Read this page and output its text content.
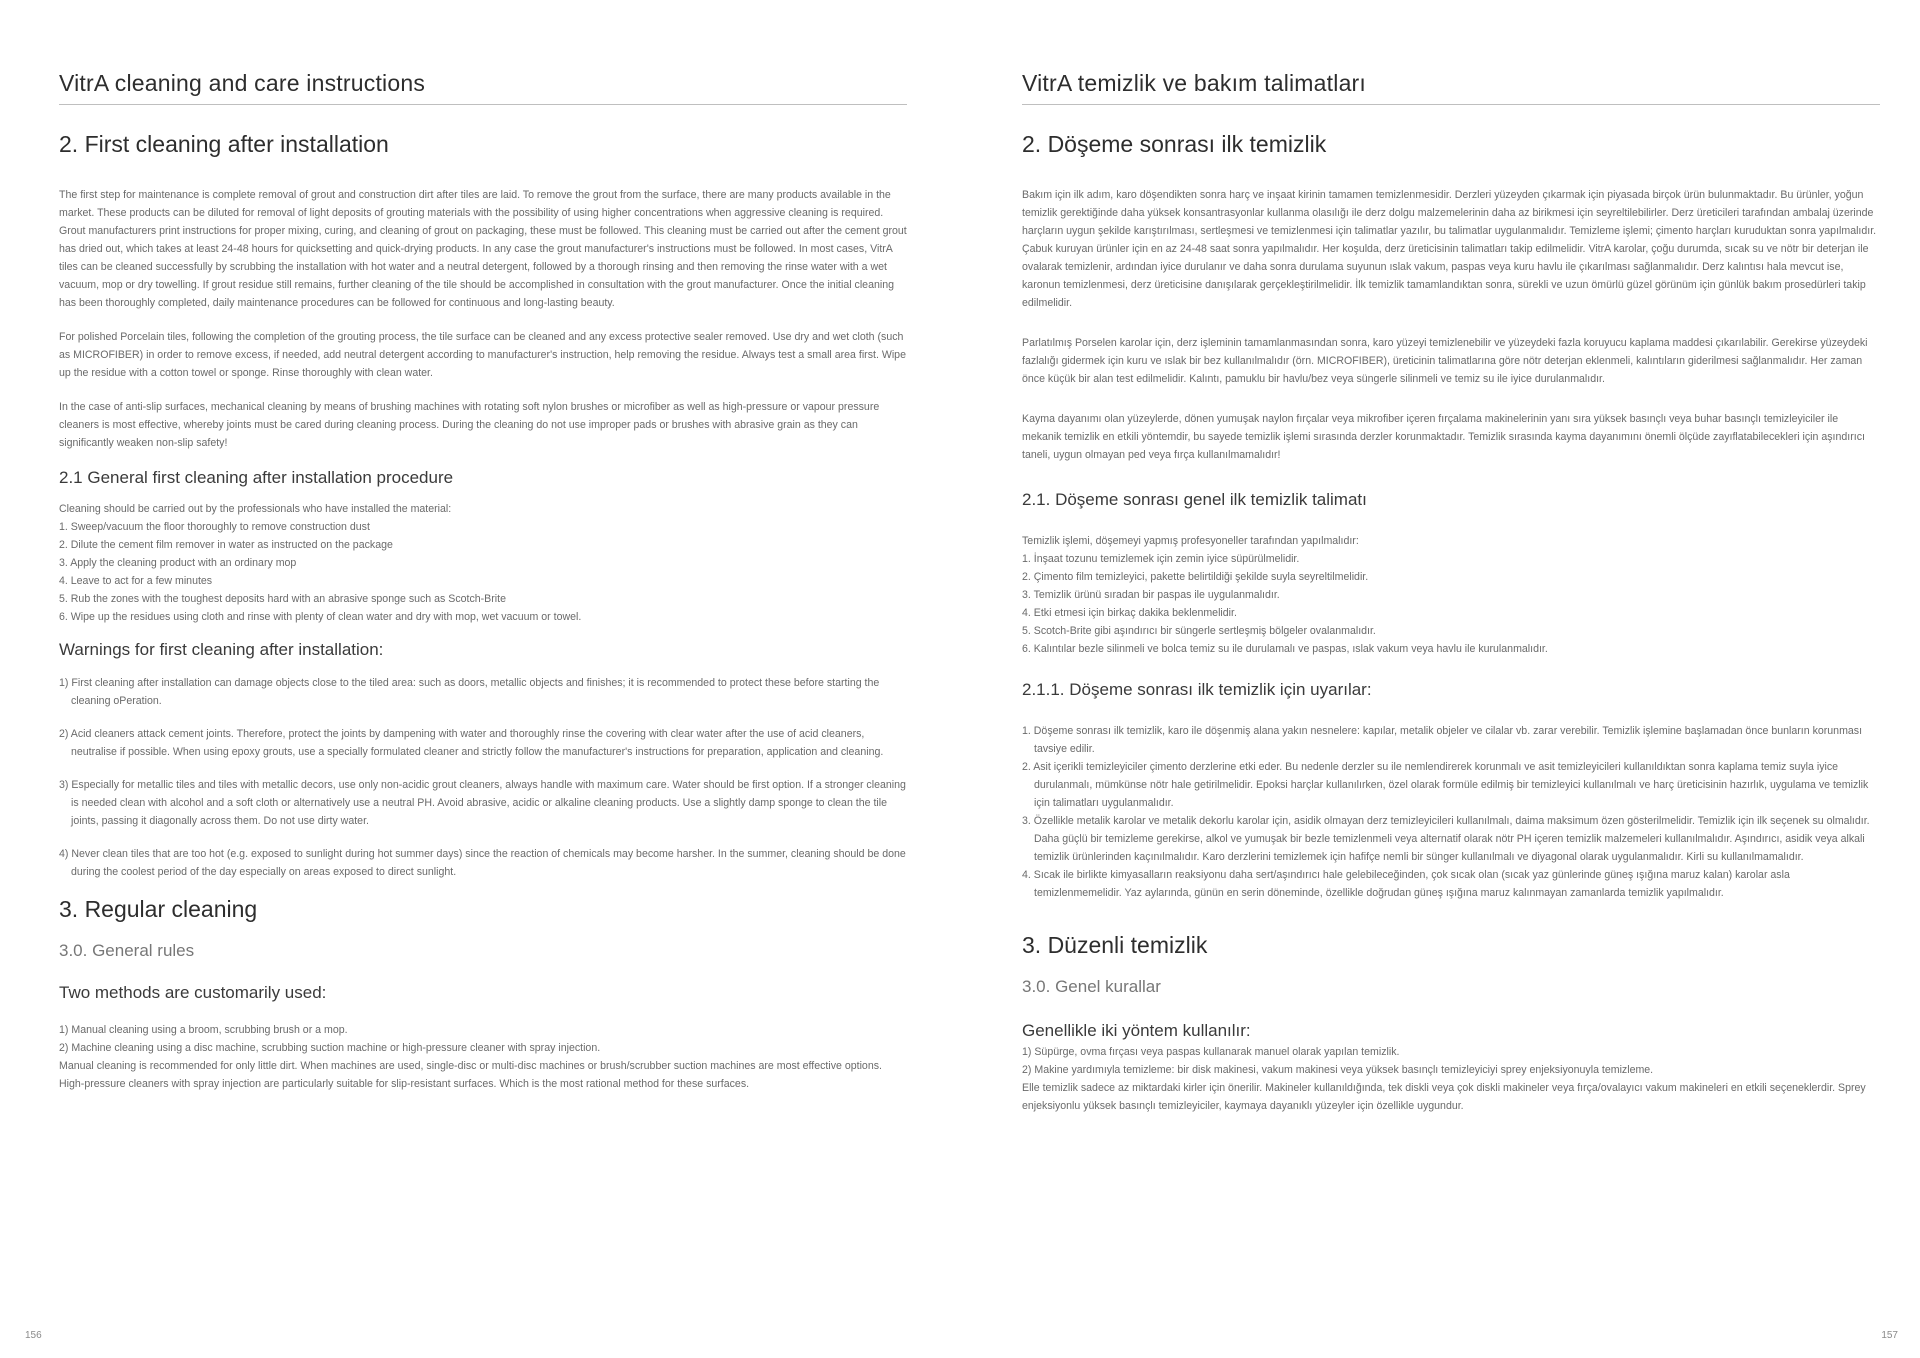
VitrA cleaning and care instructions
2. First cleaning after installation

The first step for maintenance is complete removal of grout and construction dirt after tiles are laid. To remove the grout from the surface, there are many products available in the market. These products can be diluted for removal of light deposits of grouting materials with the possibility of using higher concentrations when aggressive cleaning is required. Grout manufacturers print instructions for proper mixing, curing, and cleaning of grout on packaging, these must be followed. This cleaning must be carried out after the cement grout has dried out, which takes at least 24-48 hours for quicksetting and quick-drying products. In any case the grout manufacturer's instructions must be followed. In most cases, VitrA tiles can be cleaned successfully by scrubbing the installation with hot water and a neutral detergent, followed by a thorough rinsing and then removing the rinse water with a wet vacuum, mop or dry towelling. If grout residue still remains, further cleaning of the tile should be accomplished in consultation with the grout manufacturer. Once the initial cleaning has been thoroughly completed, daily maintenance procedures can be followed for continuous and long-lasting beauty.

For polished Porcelain tiles, following the completion of the grouting process, the tile surface can be cleaned and any excess protective sealer removed. Use dry and wet cloth (such as MICROFIBER) in order to remove excess, if needed, add neutral detergent according to manufacturer's instruction, help removing the residue. Always test a small area first. Wipe up the residue with a cotton towel or sponge. Rinse thoroughly with clean water.

In the case of anti-slip surfaces, mechanical cleaning by means of brushing machines with rotating soft nylon brushes or microfiber as well as high-pressure or vapour pressure cleaners is most effective, whereby joints must be cared during cleaning process. During the cleaning do not use improper pads or brushes with abrasive grain as they can significantly weaken non-slip safety!

2.1 General first cleaning after installation procedure
Cleaning should be carried out by the professionals who have installed the material:
1. Sweep/vacuum the floor thoroughly to remove construction dust
2. Dilute the cement film remover in water as instructed on the package
3. Apply the cleaning product with an ordinary mop
4. Leave to act for a few minutes
5. Rub the zones with the toughest deposits hard with an abrasive sponge such as Scotch-Brite
6. Wipe up the residues using cloth and rinse with plenty of clean water and dry with mop, wet vacuum or towel.
Warnings for first cleaning after installation:
1) First cleaning after installation can damage objects close to the tiled area: such as doors, metallic objects and finishes; it is recommended to protect these before starting the cleaning oPeration.
2) Acid cleaners attack cement joints. Therefore, protect the joints by dampening with water and thoroughly rinse the covering with clear water after the use of acid cleaners, neutralise if possible. When using epoxy grouts, use a specially formulated cleaner and strictly follow the manufacturer's instructions for preparation, application and cleaning.
3) Especially for metallic tiles and tiles with metallic decors, use only non-acidic grout cleaners, always handle with maximum care. Water should be first option. If a stronger cleaning is needed clean with alcohol and a soft cloth or alternatively use a neutral PH. Avoid abrasive, acidic or alkaline cleaning products. Use a slightly damp sponge to clean the tile joints, passing it diagonally across them. Do not use dirty water.
4) Never clean tiles that are too hot (e.g. exposed to sunlight during hot summer days) since the reaction of chemicals may become harsher. In the summer, cleaning should be done during the coolest period of the day especially on areas exposed to direct sunlight.
3. Regular cleaning
3.0. General rules
Two methods are customarily used:
1) Manual cleaning using a broom, scrubbing brush or a mop.
2) Machine cleaning using a disc machine, scrubbing suction machine or high-pressure cleaner with spray injection.
Manual cleaning is recommended for only little dirt. When machines are used, single-disc or multi-disc machines or brush/scrubber suction machines are most effective options. High-pressure cleaners with spray injection are particularly suitable for slip-resistant surfaces. Which is the most rational method for these surfaces.
156
VitrA temizlik ve bakım talimatları
2. Döşeme sonrası ilk temizlik

Bakım için ilk adım, karo döşendikten sonra harç ve inşaat kirinin tamamen temizlenmesidir. Derzleri yüzeyden çıkarmak için piyasada birçok ürün bulunmaktadır. Bu ürünler, yoğun temizlik gerektiğinde daha yüksek konsantrasyonlar kullanma olasılığı ile derz dolgu malzemelerinin daha az birikmesi için seyreltilebilirler. Derz üreticileri tarafından ambalaj üzerinde harçların uygun şekilde karıştırılması, sertleşmesi ve temizlenmesi için talimatlar yazılır, bu talimatlar uygulanmalıdır. Temizleme işlemi; çimento harçları kuruduktan sonra yapılmalıdır. Çabuk kuruyan ürünler için en az 24-48 saat sonra yapılmalıdır. Her koşulda, derz üreticisinin talimatları takip edilmelidir. VitrA karolar, çoğu durumda, sıcak su ve nötr bir deterjan ile ovalarak temizlenir, ardından iyice durulanır ve daha sonra durulama suyunun ıslak vakum, paspas veya kuru havlu ile çıkarılması sağlanmalıdır. Derz kalıntısı hala mevcut ise, karonun temizlenmesi, derz üreticisine danışılarak gerçekleştirilmelidir. İlk temizlik tamamlandıktan sonra, sürekli ve uzun ömürlü güzel görünüm için günlük bakım prosedürleri takip edilmelidir.

Parlatılmış Porselen karolar için, derz işleminin tamamlanmasından sonra, karo yüzeyi temizlenebilir ve yüzeydeki fazla koruyucu kaplama maddesi çıkarılabilir. Gerekirse yüzeydeki fazlalığı gidermek için kuru ve ıslak bir bez kullanılmalıdır (örn. MICROFIBER), üreticinin talimatlarına göre nötr deterjan eklenmeli, kalıntıların giderilmesi sağlanmalıdır. Her zaman önce küçük bir alan test edilmelidir. Kalıntı, pamuklu bir havlu/bez veya süngerle silinmeli ve temiz su ile iyice durulanmalıdır.

Kayma dayanımı olan yüzeylerde, dönen yumuşak naylon fırçalar veya mikrofiber içeren fırçalama makinelerinin yanı sıra yüksek basınçlı veya buhar basınçlı temizleyiciler ile mekanik temizlik en etkili yöntemdir, bu sayede temizlik işlemi sırasında derzler korunmaktadır. Temizlik sırasında kayma dayanımını önemli ölçüde zayıflatabilecekleri için aşındırıcı taneli, uygun olmayan ped veya fırça kullanılmamalıdır!

2.1. Döşeme sonrası genel ilk temizlik talimatı
Temizlik işlemi, döşemeyi yapmış profesyoneller tarafından yapılmalıdır:
1. İnşaat tozunu temizlemek için zemin iyice süpürülmelidir.
2. Çimento film temizleyici, pakette belirtildiği şekilde suyla seyreltilmelidir.
3. Temizlik ürünü sıradan bir paspas ile uygulanmalıdır.
4. Etki etmesi için birkaç dakika beklenmelidir.
5. Scotch-Brite gibi aşındırıcı bir süngerle sertleşmiş bölgeler ovalanmalıdır.
6. Kalıntılar bezle silinmeli ve bolca temiz su ile durulamalı ve paspas, ıslak vakum veya havlu ile kurulanmalıdır.
2.1.1. Döşeme sonrası ilk temizlik için uyarılar:
1. Döşeme sonrası ilk temizlik, karo ile döşenmiş alana yakın nesnelere: kapılar, metalik objeler ve cilalar vb. zarar verebilir. Temizlik işlemine başlamadan önce bunların korunması tavsiye edilir.
2. Asit içerikli temizleyiciler çimento derzlerine etki eder. Bu nedenle derzler su ile nemlendirerek korunmalı ve asit temizleyicileri kullanıldıktan sonra kaplama temiz suyla iyice durulanmalı, mümkünse nötr hale getirilmelidir. Epoksi harçlar kullanılırken, özel olarak formüle edilmiş bir temizleyici kullanılmalı ve harç üreticisinin hazırlık, uygulama ve temizlik için talimatları uygulanmalıdır.
3. Özellikle metalik karolar ve metalik dekorlu karolar için, asidik olmayan derz temizleyicileri kullanılmalı, daima maksimum özen gösterilmelidir. Temizlik için ilk seçenek su olmalıdır. Daha güçlü bir temizleme gerekirse, alkol ve yumuşak bir bezle temizlenmeli veya alternatif olarak nötr PH içeren temizlik malzemeleri kullanılmalıdır. Aşındırıcı, asidik veya alkali temizlik ürünlerinden kaçınılmalıdır. Karo derzlerini temizlemek için hafifçe nemli bir sünger kullanılmalı ve diyagonal olarak uygulanmalıdır. Kirli su kullanılmamalıdır.
4. Sıcak ile birlikte kimyasalların reaksiyonu daha sert/aşındırıcı hale gelebileceğinden, çok sıcak olan (sıcak yaz günlerinde güneş ışığına maruz kalan) karolar asla temizlenmemelidir. Yaz aylarında, günün en serin döneminde, özellikle doğrudan güneş ışığına maruz kalınmayan zamanlarda temizlik yapılmalıdır.
3. Düzenli temizlik
3.0. Genel kurallar
Genellikle iki yöntem kullanılır:
1) Süpürge, ovma fırçası veya paspas kullanarak manuel olarak yapılan temizlik.
2) Makine yardımıyla temizleme: bir disk makinesi, vakum makinesi veya yüksek basınçlı temizleyiciyi sprey enjeksiyonuyla temizleme.
Elle temizlik sadece az miktardaki kirler için önerilir. Makineler kullanıldığında, tek diskli veya çok diskli makineler veya fırça/ovalayıcı vakum makineleri en etkili seçeneklerdir. Sprey enjeksiyonlu yüksek basınçlı temizleyiciler, kaymaya dayanıklı yüzeyler için özellikle uygundur.
157
